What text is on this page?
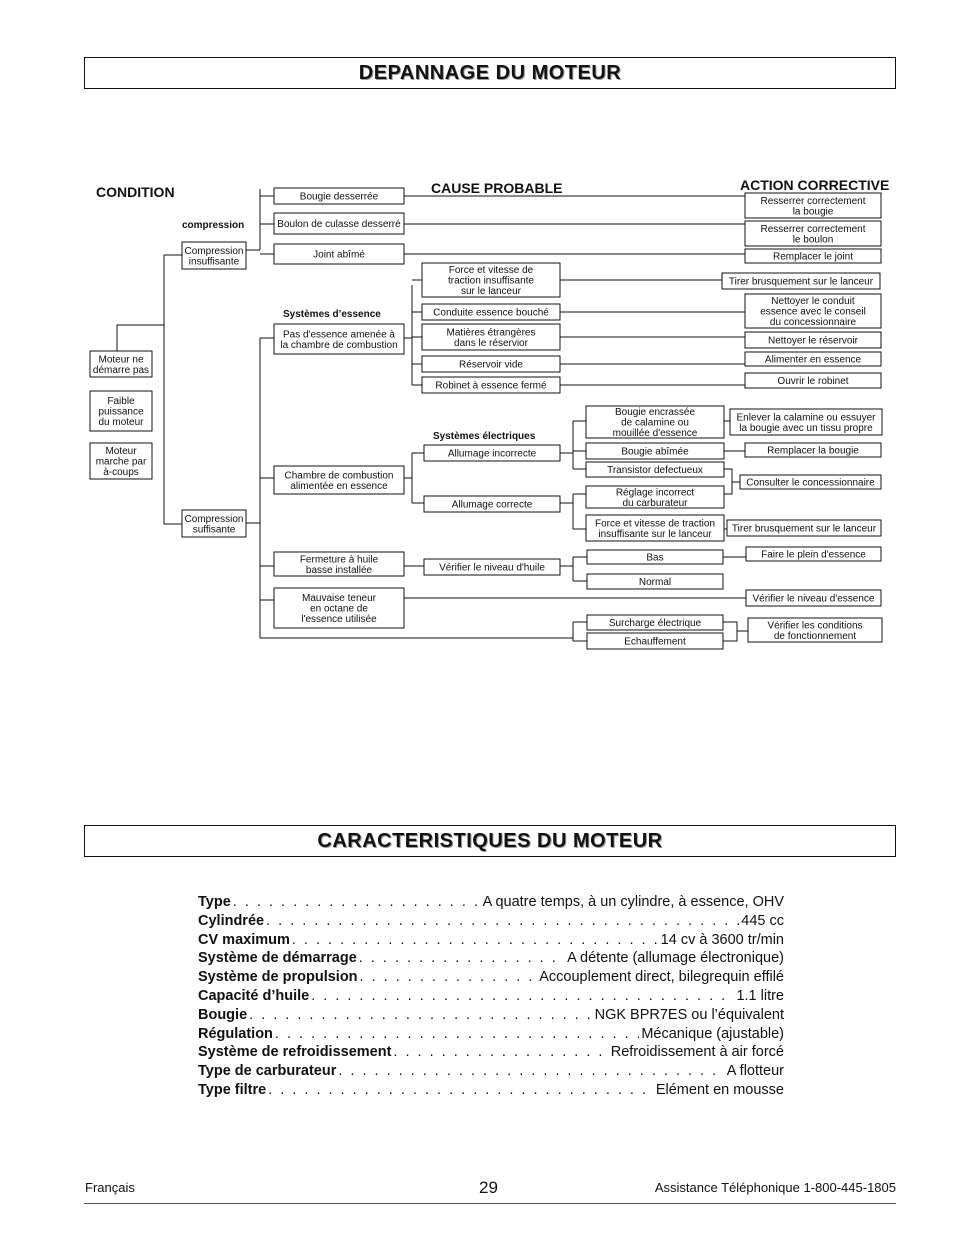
DEPANNAGE DU MOTEUR
CONDITION	CAUSE PROBABLE	ACTION CORRECTIVE
compression
Systèmes d’essence
Systèmes électriques
Moteur ne
démarre pas
Faible
puissance
du moteur
Moteur
marche par
à-coups
Compression
insuffisante
Bougie desserrée
Boulon de culasse desserré
Joint abîmé
Resserrer correctement
la bougie
Resserrer correctement
le boulon
Remplacer le joint
Compression
suffisante
Pas d'essence amenée à
la chambre de combustion
Force et vitesse de
traction insuffisante
sur le lanceur
Conduite essence bouché
Matières étrangères
dans le réservior
Réservoir vide
Robinet à essence fermé
Tirer brusquement sur le lanceur
Nettoyer le conduit
essence avec le conseil
du concessionnaire
Nettoyer le réservoir
Alimenter en essence
Ouvrir le robinet
Chambre de combustion
alimentée en essence
Allumage incorrecte
Allumage correcte
Bougie encrassée
de calamine ou
mouillée d'essence
Bougie abîmée
Transistor defectueux
Enlever la calamine ou essuyer
la bougie avec un tissu propre
Remplacer la bougie
Consulter le concessionnaire
Réglage incorrect
du carburateur
Force et vitesse de traction
insuffisante sur le lanceur Tirer brusquement sur le lanceur
Fermeture à huile
basse installée	Vérifier le niveau d'huile
Bas
Normal
Faire le plein d'essence
Mauvaise teneur
en octane de
l'essence utilisée
Vérifier le niveau d'essence
Surcharge électrique
Echauffement
Vérifier les conditions
de fonctionnement
CARACTERISTIQUES DU MOTEUR
Type . . .	A quatre temps, à un cylindre, à essence, OHV
Cylindrée . . .	445 cc
CV maximum . . .	14 cv à 3600 tr/min
Système de démarrage . . .	A détente (allumage électronique)
Système de propulsion . . .	Accouplement direct, bilegrequin effilé
Capacité d’huile . . .	1.1 litre
Bougie . . .	NGK BPR7ES ou l’équivalent
Régulation . . .	Mécanique (ajustable)
Système de refroidissement . . .	Refroidissement à air forcé
Type de carburateur . . .	A flotteur
Type filtre . . .	Elément en mousse
Français	29	Assistance Téléphonique 1-800-445-1805
